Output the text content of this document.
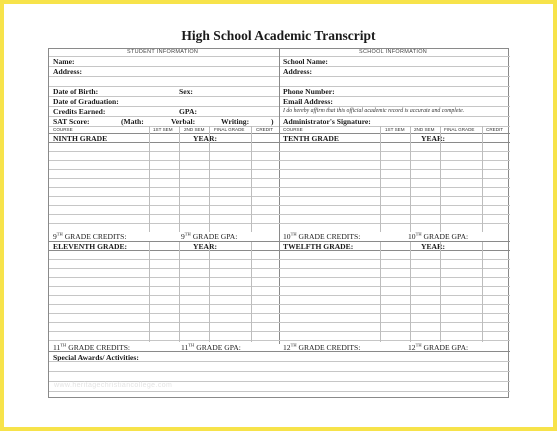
High School Academic Transcript
STUDENT INFORMATION	SCHOOL INFORMATION
Name:
Address:
Date of Birth:	Sex:
Date of Graduation:
Credits Earned:	GPA:
SAT Score:	(Math:	Verbal:	Writing:	)
School Name:
Address:
Phone Number:
Email Address:
I do hereby affirm that this official academic record is accurate and complete.
Administrator's Signature:
COURSE	1ST SEM 2ND SEM FINAL GRADE	CREDIT COURSE	1ST SEM 2ND SEM FINAL GRADE	CREDIT
NINTH GRADE	YEAR:	TENTH GRADE	YEAR:
9TH GRADE CREDITS:	9TH GRADE GPA:	10TH GRADE CREDITS:	10TH GRADE GPA:
ELEVENTH GRADE:	YEAR:	TWELFTH GRADE:	YEAR:
11TH GRADE CREDITS:	11TH GRADE GPA:	12TH GRADE CREDITS:	12TH GRADE GPA:
Special Awards/ Activities:
www.heritagechristiancollege.com
